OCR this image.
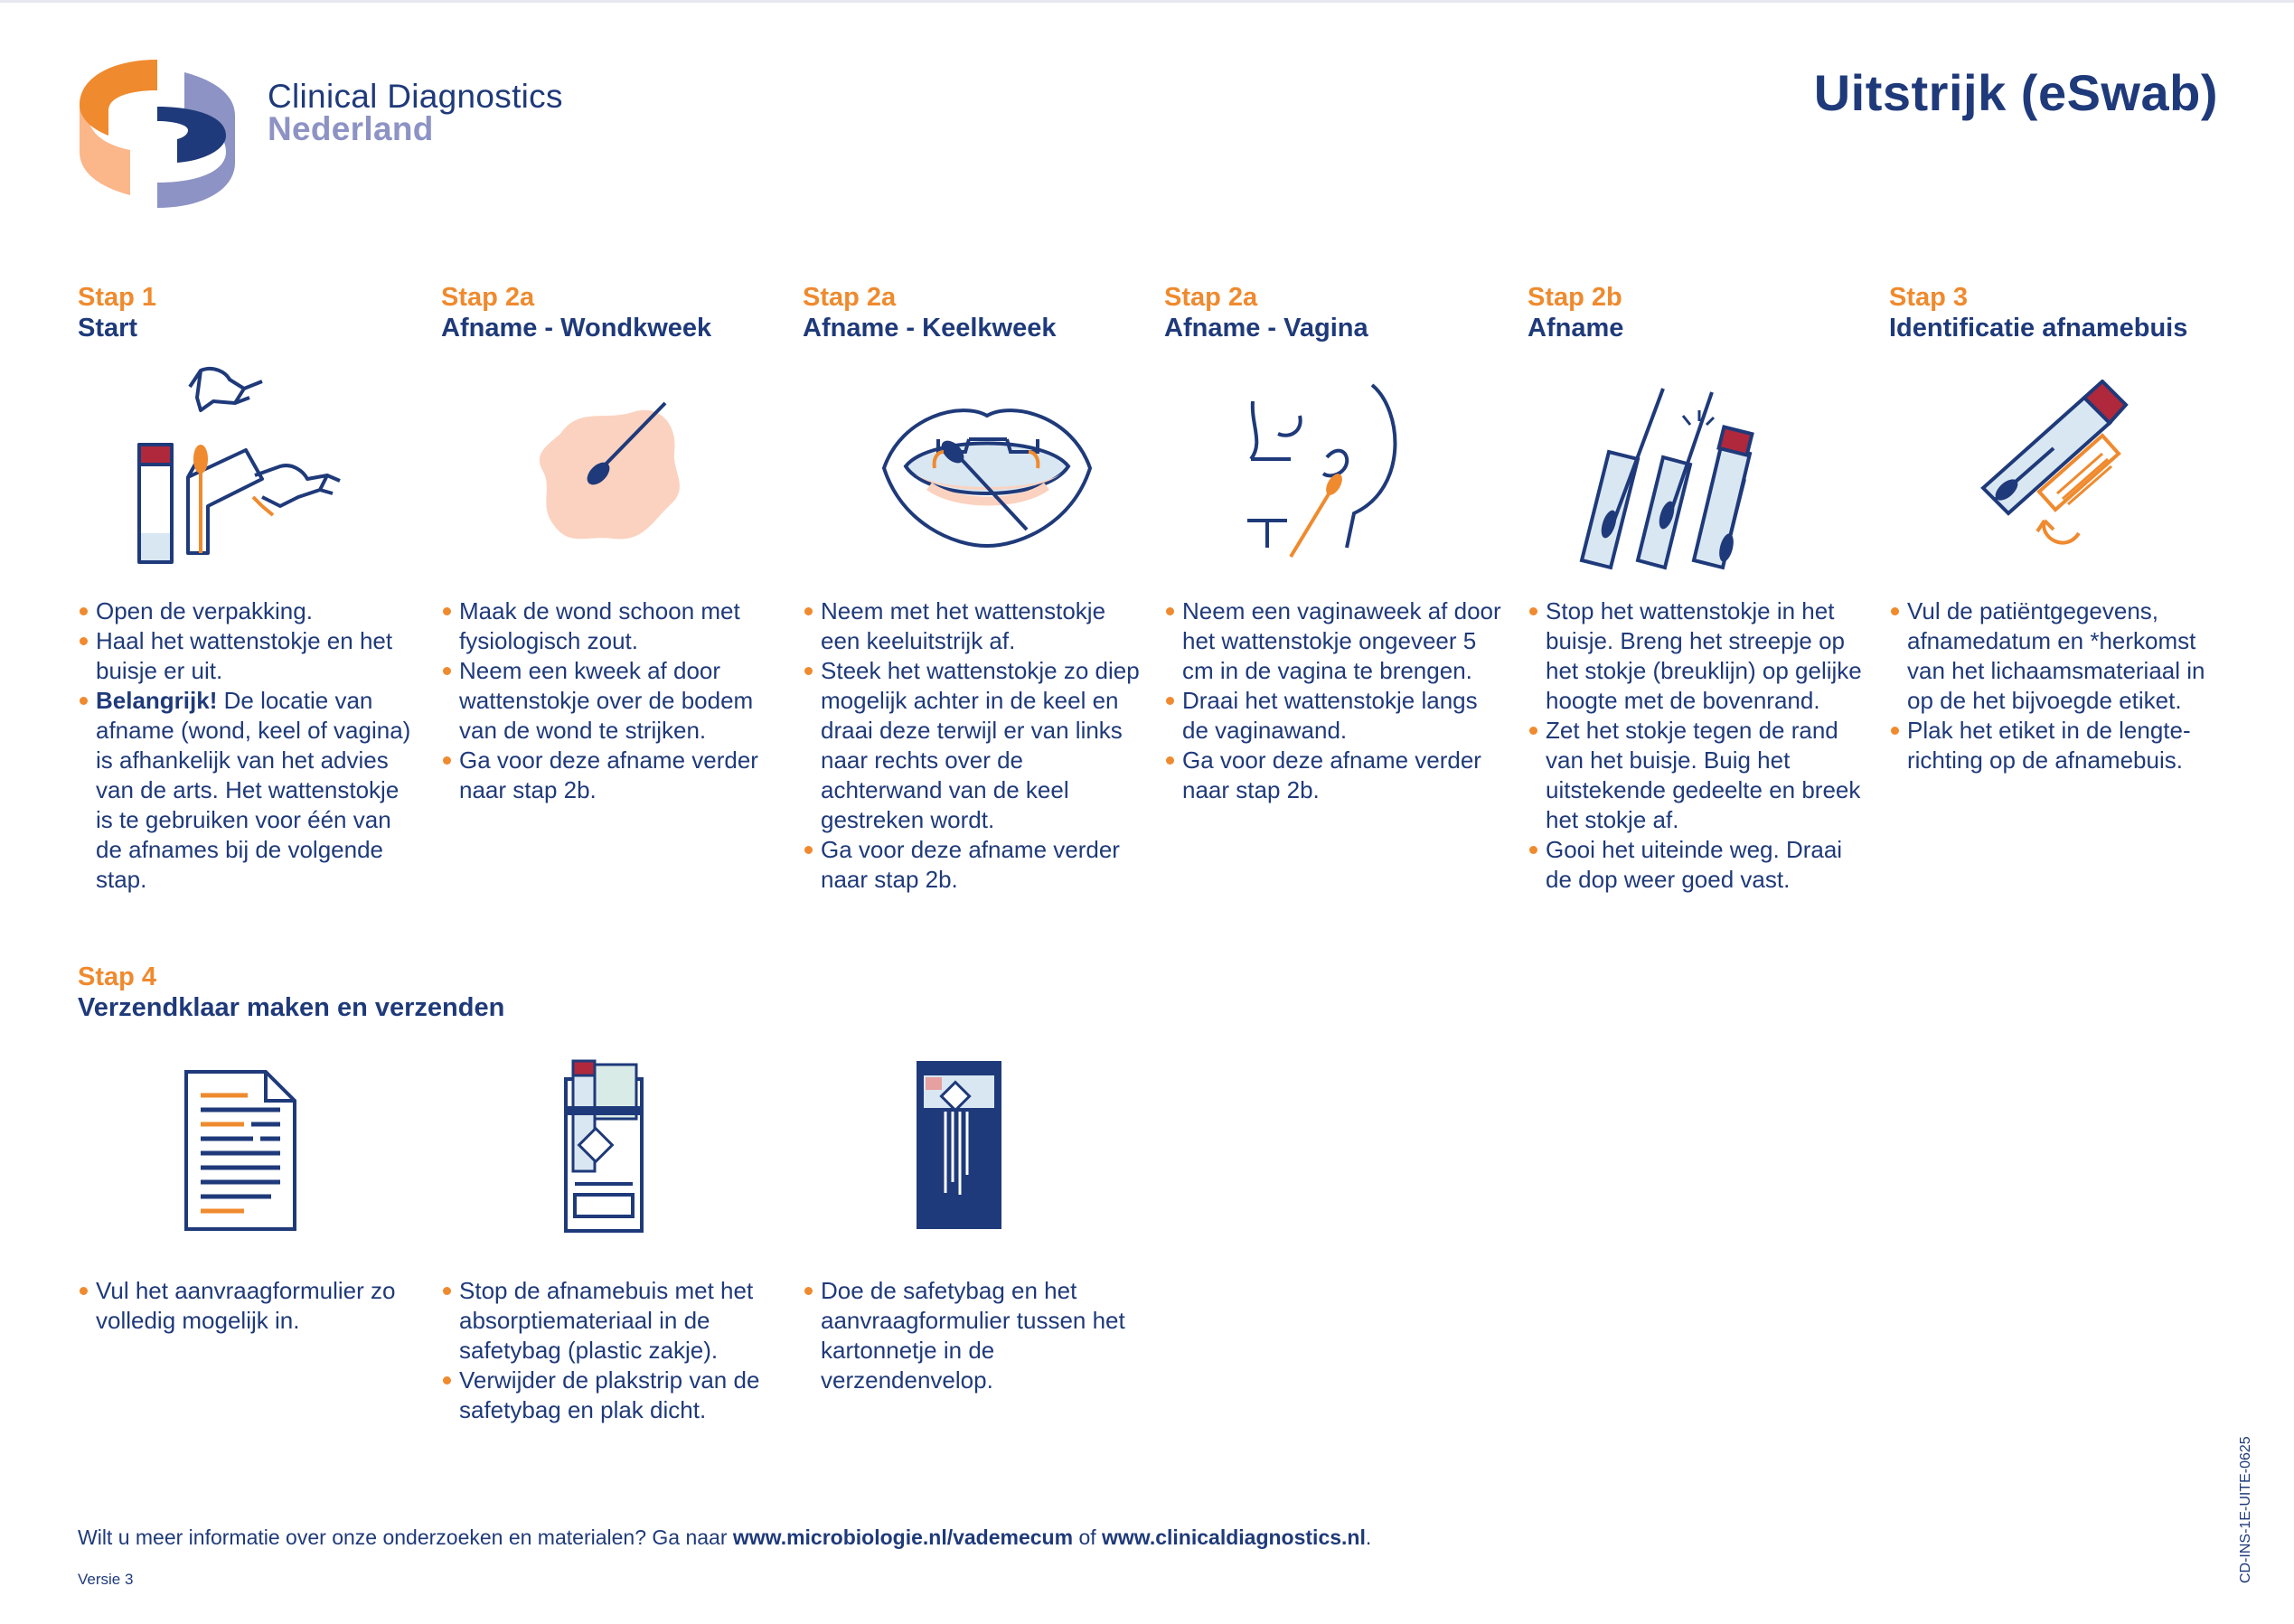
Clinical Diagnostics
Nederland
Uitstrijk (eSwab)
Stap 1
Start
Stap 2a
Afname - Wondkweek
Stap 2a
Afname - Keelkweek
Stap 2a
Afname - Vagina
Stap 2b
Afname
Stap 3
Identificatie afnamebuis
Open de verpakking.
Haal het wattenstokje en het buisje er uit.
Belangrijk! De locatie van afname (wond, keel of vagina) is afhankelijk van het advies van de arts. Het wattenstokje is te gebruiken voor één van de afnames bij de volgende stap.
Maak de wond schoon met fysiologisch zout.
Neem een kweek af door wattenstokje over de bodem van de wond te strijken.
Ga voor deze afname verder naar stap 2b.
Neem met het wattenstokje een keeluitstrijk af.
Steek het wattenstokje zo diep mogelijk achter in de keel en draai deze terwijl er van links naar rechts over de achterwand van de keel gestreken wordt.
Ga voor deze afname verder naar stap 2b.
Neem een vaginaweek af door het wattenstokje ongeveer 5 cm in de vagina te brengen.
Draai het wattenstokje langs de vaginawand.
Ga voor deze afname verder naar stap 2b.
Stop het wattenstokje in het buisje. Breng het streepje op het stokje (breuklijn) op gelijke hoogte met de bovenrand.
Zet het stokje tegen de rand van het buisje. Buig het uitstekende gedeelte en breek het stokje af.
Gooi het uiteinde weg. Draai de dop weer goed vast.
Vul de patiëntgegevens, afnamedatum en *herkomst van het lichaamsmateriaal in op de het bijvoegde etiket.
Plak het etiket in de lengte-richting op de afnamebuis.
Stap 4
Verzendklaar maken en verzenden
Vul het aanvraagformulier zo volledig mogelijk in.
Stop de afnamebuis met het absorptiemateriaal in de safetybag (plastic zakje).
Verwijder de plakstrip van de safetybag en plak dicht.
Doe de safetybag en het aanvraagformulier tussen het kartonnetje in de verzendenvelop.
Wilt u meer informatie over onze onderzoeken en materialen? Ga naar www.microbiologie.nl/vademecum of www.clinicaldiagnostics.nl.
Versie 3	CD-INS-1E-UITE-0625
